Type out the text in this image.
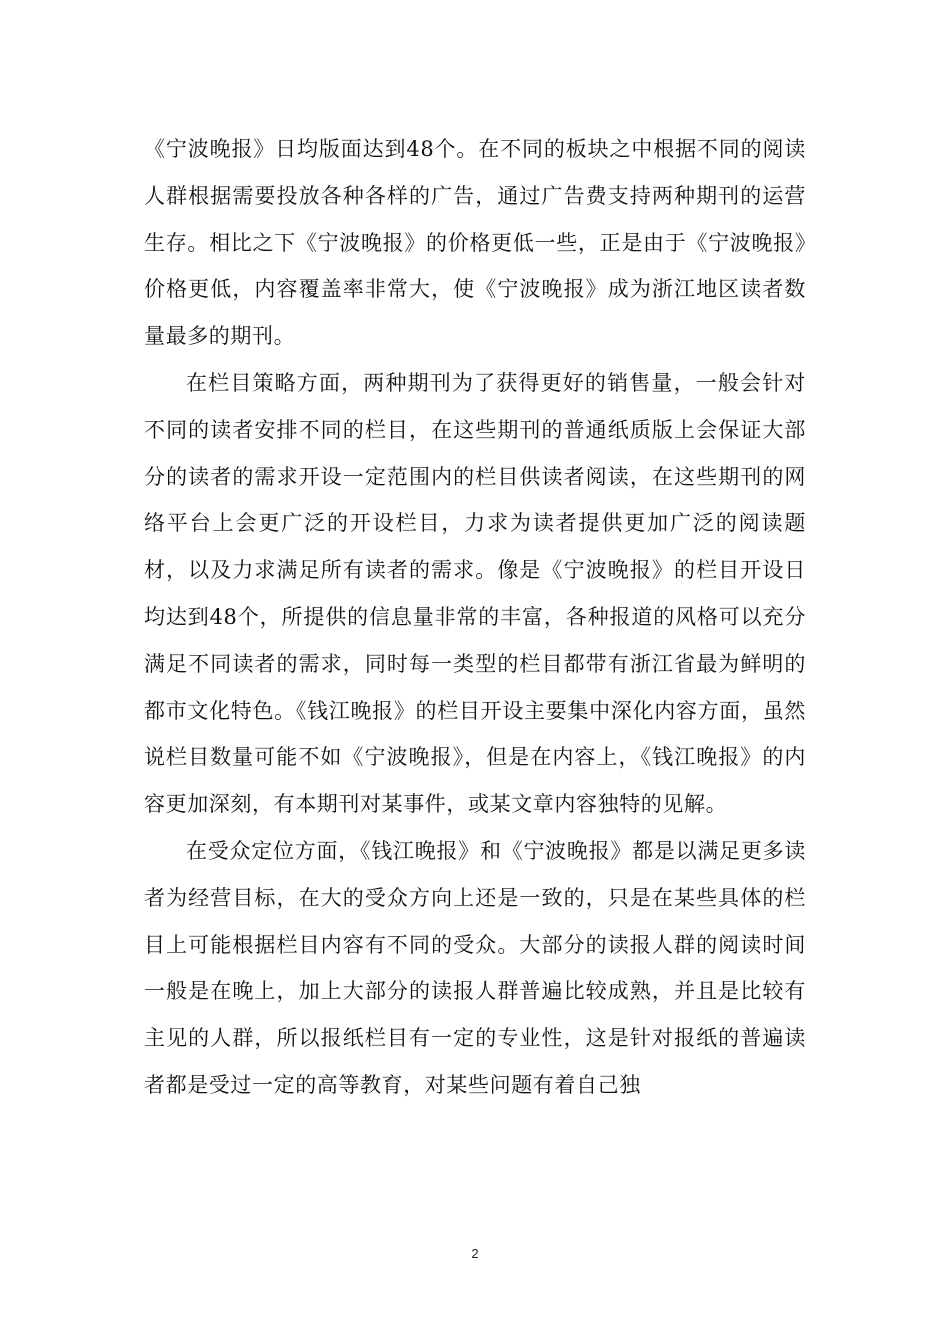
《宁波晚报》日均版面达到48个。在不同的板块之中根据不同的阅读人群根据需要投放各种各样的广告，通过广告费支持两种期刊的运营生存。相比之下《宁波晚报》的价格更低一些，正是由于《宁波晚报》价格更低，内容覆盖率非常大，使《宁波晚报》成为浙江地区读者数量最多的期刊。

在栏目策略方面，两种期刊为了获得更好的销售量，一般会针对不同的读者安排不同的栏目，在这些期刊的普通纸质版上会保证大部分的读者的需求开设一定范围内的栏目供读者阅读，在这些期刊的网络平台上会更广泛的开设栏目，力求为读者提供更加广泛的阅读题材，以及力求满足所有读者的需求。像是《宁波晚报》的栏目开设日均达到48个，所提供的信息量非常的丰富，各种报道的风格可以充分满足不同读者的需求，同时每一类型的栏目都带有浙江省最为鲜明的都市文化特色。《钱江晚报》的栏目开设主要集中深化内容方面，虽然说栏目数量可能不如《宁波晚报》，但是在内容上，《钱江晚报》的内容更加深刻，有本期刊对某事件，或某文章内容独特的见解。

在受众定位方面，《钱江晚报》和《宁波晚报》都是以满足更多读者为经营目标，在大的受众方向上还是一致的，只是在某些具体的栏目上可能根据栏目内容有不同的受众。大部分的读报人群的阅读时间一般是在晚上，加上大部分的读报人群普遍比较成熟，并且是比较有主见的人群，所以报纸栏目有一定的专业性，这是针对报纸的普遍读者都是受过一定的高等教育，对某些问题有着自己独

2
